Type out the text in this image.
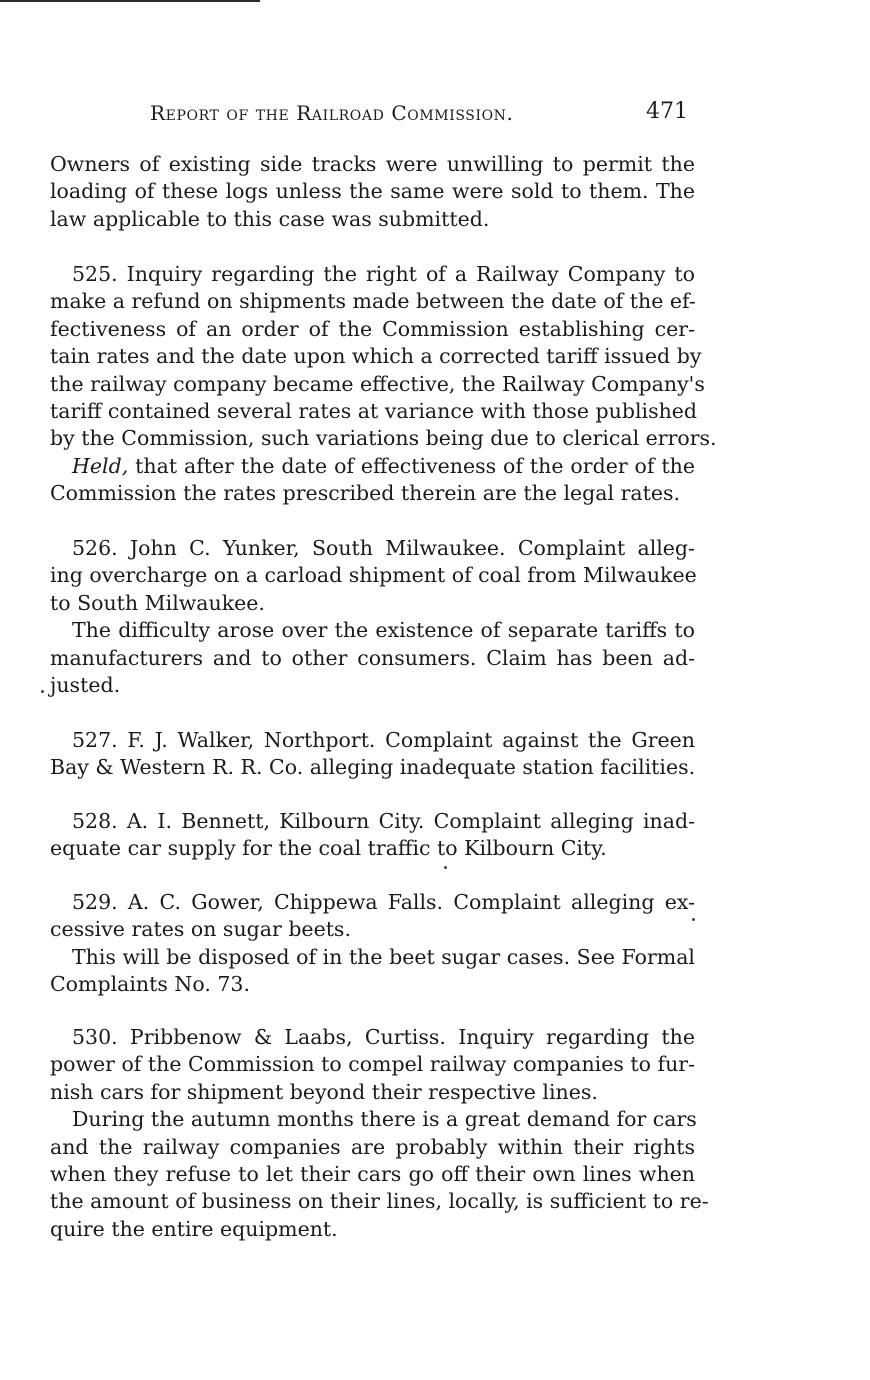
Report of the Railroad Commission.	471
Owners of existing side tracks were unwilling to permit the
loading of these logs unless the same were sold to them. The
law applicable to this case was submitted.
525. Inquiry regarding the right of a Railway Company to
make a refund on shipments made between the date of the ef-
fectiveness of an order of the Commission establishing cer-
tain rates and the date upon which a corrected tariff issued by
the railway company became effective, the Railway Company's
tariff contained several rates at variance with those published
by the Commission, such variations being due to clerical errors.
Held, that after the date of effectiveness of the order of the
Commission the rates prescribed therein are the legal rates.
526. John C. Yunker, South Milwaukee. Complaint alleg-
ing overcharge on a carload shipment of coal from Milwaukee
to South Milwaukee.
The difficulty arose over the existence of separate tariffs to
manufacturers and to other consumers. Claim has been ad-
justed.
527. F. J. Walker, Northport. Complaint against the Green
Bay & Western R. R. Co. alleging inadequate station facilities.
528. A. I. Bennett, Kilbourn City. Complaint alleging inad-
equate car supply for the coal traffic to Kilbourn City.
529. A. C. Gower, Chippewa Falls. Complaint alleging ex-
cessive rates on sugar beets.
This will be disposed of in the beet sugar cases. See Formal
Complaints No. 73.
530. Pribbenow & Laabs, Curtiss. Inquiry regarding the
power of the Commission to compel railway companies to fur-
nish cars for shipment beyond their respective lines.
During the autumn months there is a great demand for cars
and the railway companies are probably within their rights
when they refuse to let their cars go off their own lines when
the amount of business on their lines, locally, is sufficient to re-
quire the entire equipment.
